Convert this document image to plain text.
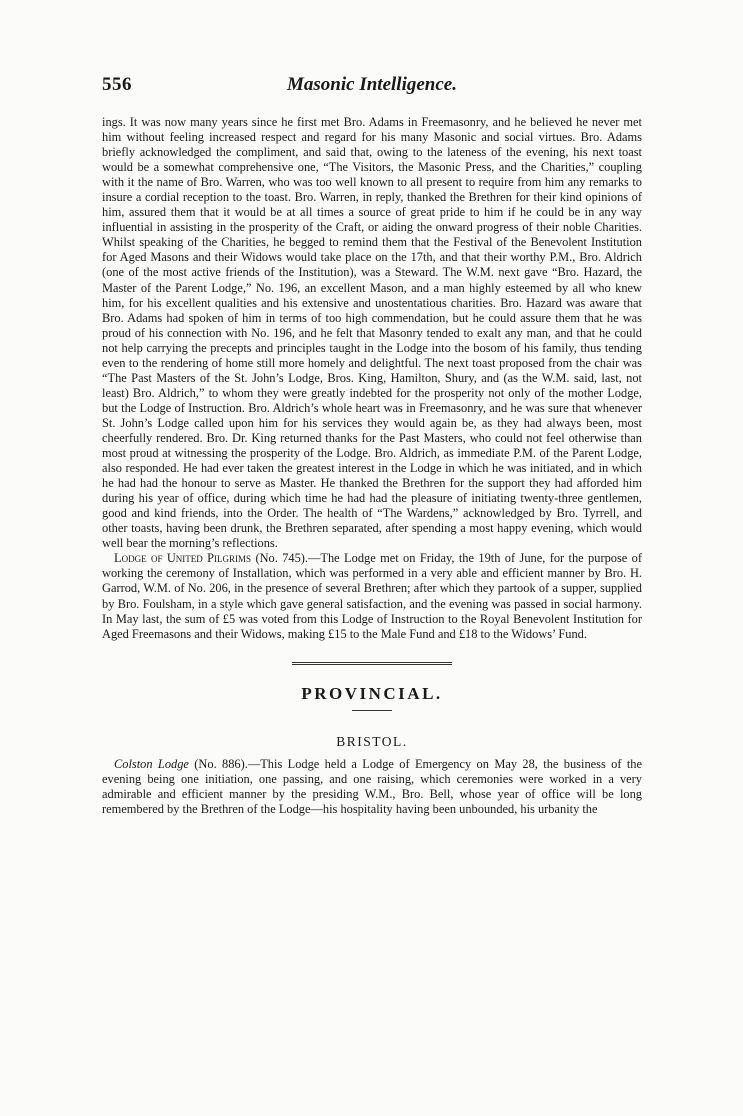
556	Masonic Intelligence.

ings. It was now many years since he first met Bro. Adams in Freemasonry, and he believed he never met him without feeling increased respect and regard for his many Masonic and social virtues. Bro. Adams briefly acknowledged the compliment, and said that, owing to the lateness of the evening, his next toast would be a somewhat comprehensive one, “The Visitors, the Masonic Press, and the Charities,” coupling with it the name of Bro. Warren, who was too well known to all present to require from him any remarks to insure a cordial reception to the toast. Bro. Warren, in reply, thanked the Brethren for their kind opinions of him, assured them that it would be at all times a source of great pride to him if he could be in any way influential in assisting in the prosperity of the Craft, or aiding the onward progress of their noble Charities. Whilst speaking of the Charities, he begged to remind them that the Festival of the Benevolent Institution for Aged Masons and their Widows would take place on the 17th, and that their worthy P.M., Bro. Aldrich (one of the most active friends of the Institution), was a Steward. The W.M. next gave “Bro. Hazard, the Master of the Parent Lodge,” No. 196, an excellent Mason, and a man highly esteemed by all who knew him, for his excellent qualities and his extensive and unostentatious charities. Bro. Hazard was aware that Bro. Adams had spoken of him in terms of too high commendation, but he could assure them that he was proud of his connection with No. 196, and he felt that Masonry tended to exalt any man, and that he could not help carrying the precepts and principles taught in the Lodge into the bosom of his family, thus tending even to the rendering of home still more homely and delightful. The next toast proposed from the chair was “The Past Masters of the St. John’s Lodge, Bros. King, Hamilton, Shury, and (as the W.M. said, last, not least) Bro. Aldrich,” to whom they were greatly indebted for the prosperity not only of the mother Lodge, but the Lodge of Instruction. Bro. Aldrich’s whole heart was in Freemasonry, and he was sure that whenever St. John’s Lodge called upon him for his services they would again be, as they had always been, most cheerfully rendered. Bro. Dr. King returned thanks for the Past Masters, who could not feel otherwise than most proud at witnessing the prosperity of the Lodge. Bro. Aldrich, as immediate P.M. of the Parent Lodge, also responded. He had ever taken the greatest interest in the Lodge in which he was initiated, and in which he had had the honour to serve as Master. He thanked the Brethren for the support they had afforded him during his year of office, during which time he had had the pleasure of initiating twenty-three gentlemen, good and kind friends, into the Order. The health of “The Wardens,” acknowledged by Bro. Tyrrell, and other toasts, having been drunk, the Brethren separated, after spending a most happy evening, which would well bear the morning’s reflections.

Lodge of United Pilgrims (No. 745).—The Lodge met on Friday, the 19th of June, for the purpose of working the ceremony of Installation, which was performed in a very able and efficient manner by Bro. H. Garrod, W.M. of No. 206, in the presence of several Brethren; after which they partook of a supper, supplied by Bro. Foulsham, in a style which gave general satisfaction, and the evening was passed in social harmony. In May last, the sum of £5 was voted from this Lodge of Instruction to the Royal Benevolent Institution for Aged Freemasons and their Widows, making £15 to the Male Fund and £18 to the Widows’ Fund.

PROVINCIAL.
BRISTOL.

Colston Lodge (No. 886).—This Lodge held a Lodge of Emergency on May 28, the business of the evening being one initiation, one passing, and one raising, which ceremonies were worked in a very admirable and efficient manner by the presiding W.M., Bro. Bell, whose year of office will be long remembered by the Brethren of the Lodge—his hospitality having been unbounded, his urbanity the
